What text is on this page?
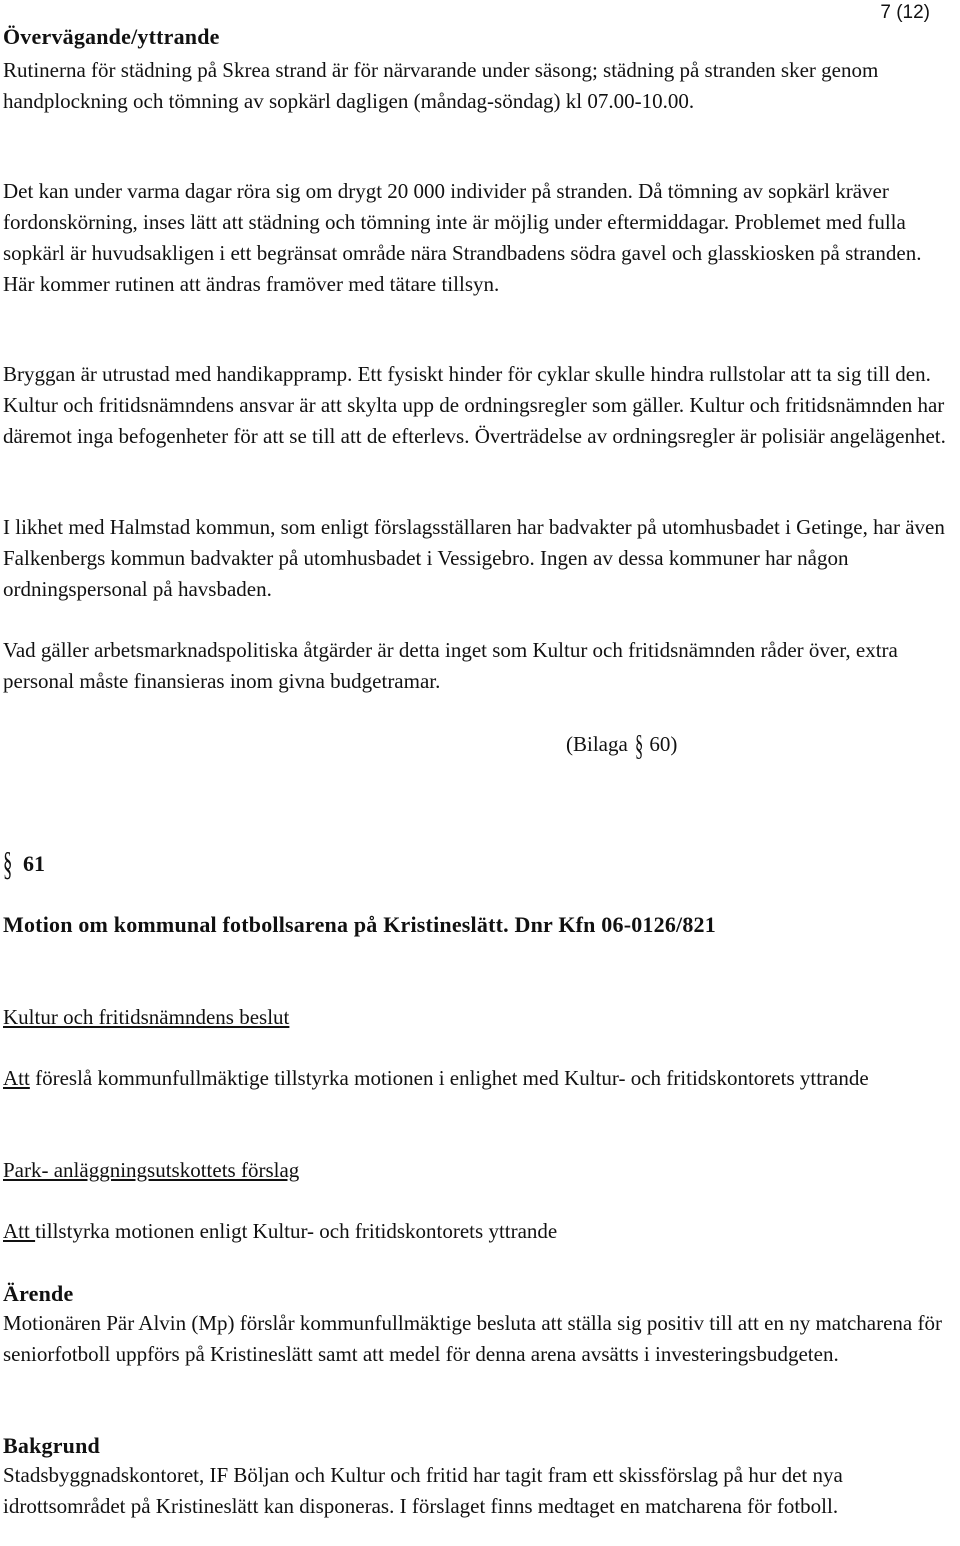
7 (12)
Övervägande/yttrande

Rutinerna för städning på Skrea strand är för närvarande under säsong; städning på stranden sker genom handplockning och tömning av sopkärl dagligen (måndag-söndag) kl 07.00-10.00.

Det kan under varma dagar röra sig om drygt 20 000 individer på stranden. Då tömning av sopkärl kräver fordonskörning, inses lätt att städning och tömning inte är möjlig under eftermiddagar. Problemet med fulla sopkärl är huvudsakligen i ett begränsat område nära Strandbadens södra gavel och glasskiosken på stranden. Här kommer rutinen att ändras framöver med tätare tillsyn.

Bryggan är utrustad med handikappramp. Ett fysiskt hinder för cyklar skulle hindra rullstolar att ta sig till den. Kultur och fritidsnämndens ansvar är att skylta upp de ordningsregler som gäller. Kultur och fritidsnämnden har däremot inga befogenheter för att se till att de efterlevs. Överträdelse av ordningsregler är polisiär angelägenhet.

I likhet med Halmstad kommun, som enligt förslagsställaren har badvakter på utomhusbadet i Getinge, har även Falkenbergs kommun badvakter på utomhusbadet i Vessigebro. Ingen av dessa kommuner har någon ordningspersonal på havsbaden.

Vad gäller arbetsmarknadspolitiska åtgärder är detta inget som Kultur och fritidsnämnden råder över, extra personal måste finansieras inom givna budgetramar.

(Bilaga § 60)
§ 61
Motion om kommunal fotbollsarena på Kristineslätt. Dnr Kfn 06-0126/821
Kultur och fritidsnämndens beslut

Att föreslå kommunfullmäktige tillstyrka motionen i enlighet med Kultur- och fritidskontorets yttrande

Park- anläggningsutskottets förslag

Att tillstyrka motionen enligt Kultur- och fritidskontorets yttrande

Ärende

Motionären Pär Alvin (Mp) förslår kommunfullmäktige besluta att ställa sig positiv till att en ny matcharena för seniorfotboll uppförs på Kristineslätt samt att medel för denna arena avsätts i investeringsbudgeten.

Bakgrund

Stadsbyggnadskontoret, IF Böljan och Kultur och fritid har tagit fram ett skissförslag på hur det nya idrottsområdet på Kristineslätt kan disponeras. I förslaget finns medtaget en matcharena för fotboll.
